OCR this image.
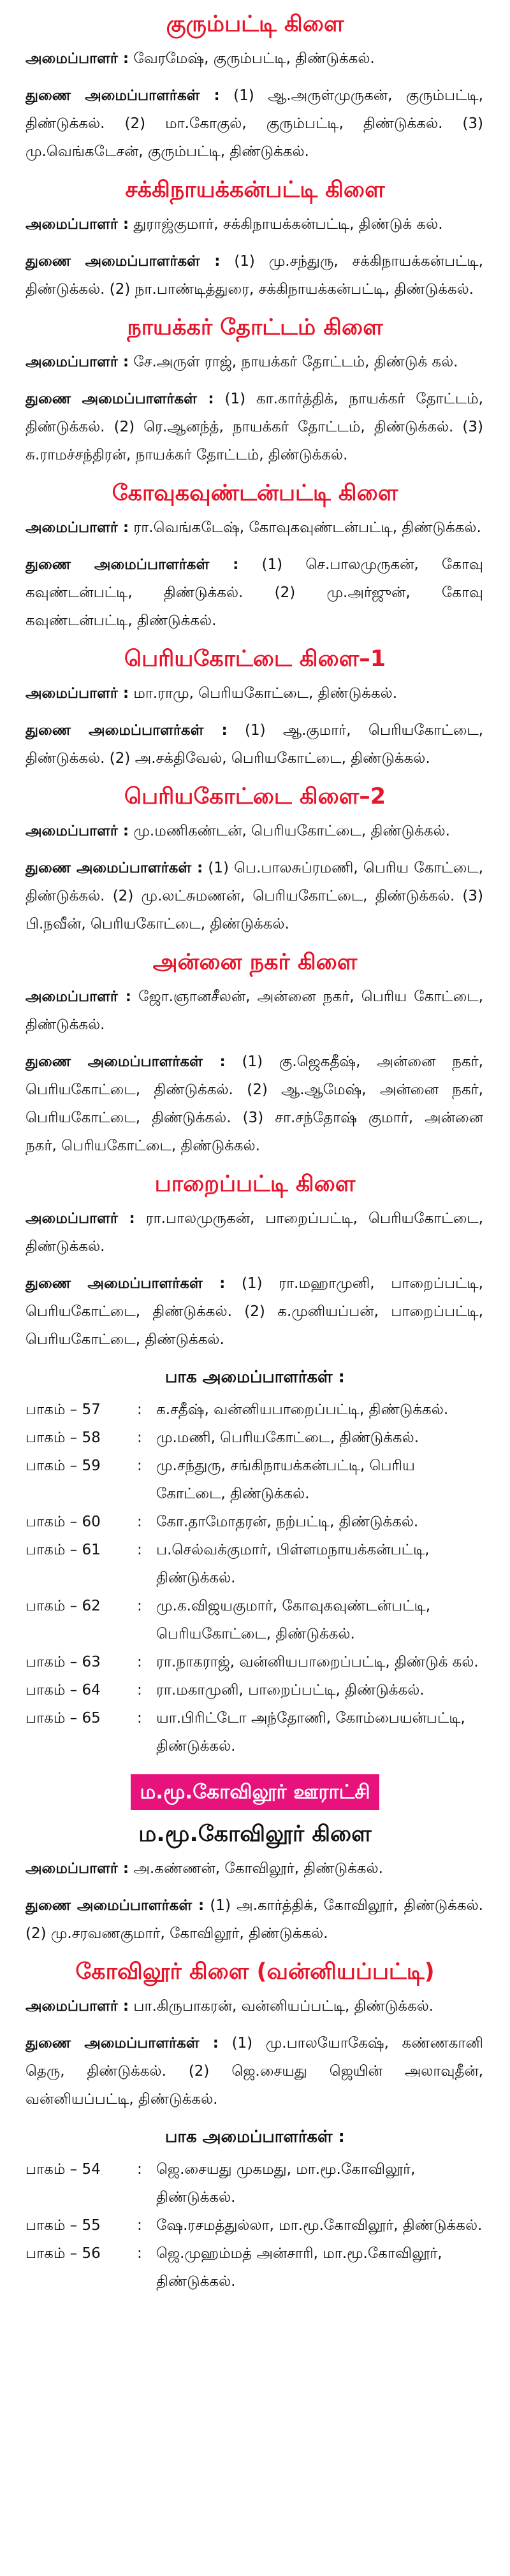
குரும்பட்டி கிளை

அமைப்பாளர் : வேரமேஷ், குரும்பட்டி, திண்டுக்கல்.

துணை அமைப்பாளர்கள் : (1) ஆ.அருள்முருகன், குரும்பட்டி, திண்டுக்கல். (2) மா.கோகுல், குரும்பட்டி, திண்டுக்கல். (3) மு.வெங்கடேசன், குரும்பட்டி, திண்டுக்கல்.

சக்கிநாயக்கன்பட்டி கிளை

அமைப்பாளர் : துராஜ்குமார், சக்கிநாயக்கன்பட்டி, திண்டுக் கல்.

துணை அமைப்பாளர்கள் : (1) மு.சந்துரு, சக்கிநாயக்கன்பட்டி, திண்டுக்கல். (2) நா.பாண்டித்துரை, சக்கிநாயக்கன்பட்டி, திண்டுக்கல்.

நாயக்கர் தோட்டம் கிளை

அமைப்பாளர் : சே.அருள் ராஜ், நாயக்கர் தோட்டம், திண்டுக் கல்.

துணை அமைப்பாளர்கள் : (1) கா.கார்த்திக், நாயக்கர் தோட்டம், திண்டுக்கல். (2) ரெ.ஆனந்த், நாயக்கர் தோட்டம், திண்டுக்கல். (3) சு.ராமச்சந்திரன், நாயக்கர் தோட்டம், திண்டுக்கல்.

கோவுகவுண்டன்பட்டி கிளை

அமைப்பாளர் : ரா.வெங்கடேஷ், கோவுகவுண்டன்பட்டி, திண்டுக்கல்.

துணை அமைப்பாளர்கள் : (1) செ.பாலமுருகன், கோவு கவுண்டன்பட்டி, திண்டுக்கல். (2) மு.அர்ஜுன், கோவு கவுண்டன்பட்டி, திண்டுக்கல்.

பெரியகோட்டை கிளை–1

அமைப்பாளர் : மா.ராமு, பெரியகோட்டை, திண்டுக்கல்.

துணை அமைப்பாளர்கள் : (1) ஆ.குமார், பெரியகோட்டை, திண்டுக்கல். (2) அ.சக்திவேல், பெரியகோட்டை, திண்டுக்கல்.

பெரியகோட்டை கிளை–2

அமைப்பாளர் : மு.மணிகண்டன், பெரியகோட்டை, திண்டுக்கல்.

துணை அமைப்பாளர்கள் : (1) பெ.பாலசுப்ரமணி, பெரிய கோட்டை, திண்டுக்கல். (2) மு.லட்சுமணன், பெரியகோட்டை, திண்டுக்கல். (3) பி.நவீன், பெரியகோட்டை, திண்டுக்கல்.

அன்னை நகர் கிளை

அமைப்பாளர் : ஜோ.ஞானசீலன், அன்னை நகர், பெரிய கோட்டை, திண்டுக்கல்.

துணை அமைப்பாளர்கள் : (1) கு.ஜெகதீஷ், அன்னை நகர், பெரியகோட்டை, திண்டுக்கல். (2) ஆ.ஆமேஷ், அன்னை நகர், பெரியகோட்டை, திண்டுக்கல். (3) சா.சந்தோஷ் குமார், அன்னை நகர், பெரியகோட்டை, திண்டுக்கல்.

பாறைப்பட்டி கிளை

அமைப்பாளர் : ரா.பாலமுருகன், பாறைப்பட்டி, பெரியகோட்டை, திண்டுக்கல்.

துணை அமைப்பாளர்கள் : (1) ரா.மஹாமுனி, பாறைப்பட்டி, பெரியகோட்டை, திண்டுக்கல். (2) க.முனியப்பன், பாறைப்பட்டி, பெரியகோட்டை, திண்டுக்கல்.

பாக அமைப்பாளர்கள் :
பாகம் – 57	: க.சதீஷ், வன்னியபாறைப்பட்டி, திண்டுக்கல்.
பாகம் – 58	: மு.மணி, பெரியகோட்டை, திண்டுக்கல்.
பாகம் – 59	: மு.சந்துரு, சங்கிநாயக்கன்பட்டி, பெரிய கோட்டை, திண்டுக்கல்.
பாகம் – 60	: கோ.தாமோதரன், நற்பட்டி, திண்டுக்கல்.
பாகம் – 61	: ப.செல்வக்குமார், பிள்ளமநாயக்கன்பட்டி, திண்டுக்கல்.
பாகம் – 62	: மு.க.விஜயகுமார், கோவுகவுண்டன்பட்டி, பெரியகோட்டை, திண்டுக்கல்.
பாகம் – 63	: ரா.நாகராஜ், வன்னியபாறைப்பட்டி, திண்டுக் கல்.
பாகம் – 64	: ரா.மகாமுனி, பாறைப்பட்டி, திண்டுக்கல்.
பாகம் – 65	: யா.பிரிட்டோ அந்தோணி, கோம்பையன்பட்டி, திண்டுக்கல்.
ம.மூ.கோவிலூர் ஊராட்சி
ம.மூ.கோவிலூர் கிளை

அமைப்பாளர் : அ.கண்ணன், கோவிலூர், திண்டுக்கல்.

துணை அமைப்பாளர்கள் : (1) அ.கார்த்திக், கோவிலூர், திண்டுக்கல். (2) மு.சரவணகுமார், கோவிலூர், திண்டுக்கல்.

கோவிலூர் கிளை (வன்னியப்பட்டி)

அமைப்பாளர் : பா.கிருபாகரன், வன்னியப்பட்டி, திண்டுக்கல்.

துணை அமைப்பாளர்கள் : (1) மு.பாலயோகேஷ், கண்ணகானி தெரு, திண்டுக்கல். (2) ஜெ.சையது ஜெயின் அலாவுதீன், வன்னியப்பட்டி, திண்டுக்கல்.

பாக அமைப்பாளர்கள் :
பாகம் – 54	: ஜெ.சையது முகமது, மா.மூ.கோவிலூர், திண்டுக்கல்.
பாகம் – 55	: ஷே.ரசமத்துல்லா, மா.மூ.கோவிலூர், திண்டுக்கல்.
பாகம் – 56	: ஜெ.முஹம்மத் அன்சாரி, மா.மூ.கோவிலூர், திண்டுக்கல்.
